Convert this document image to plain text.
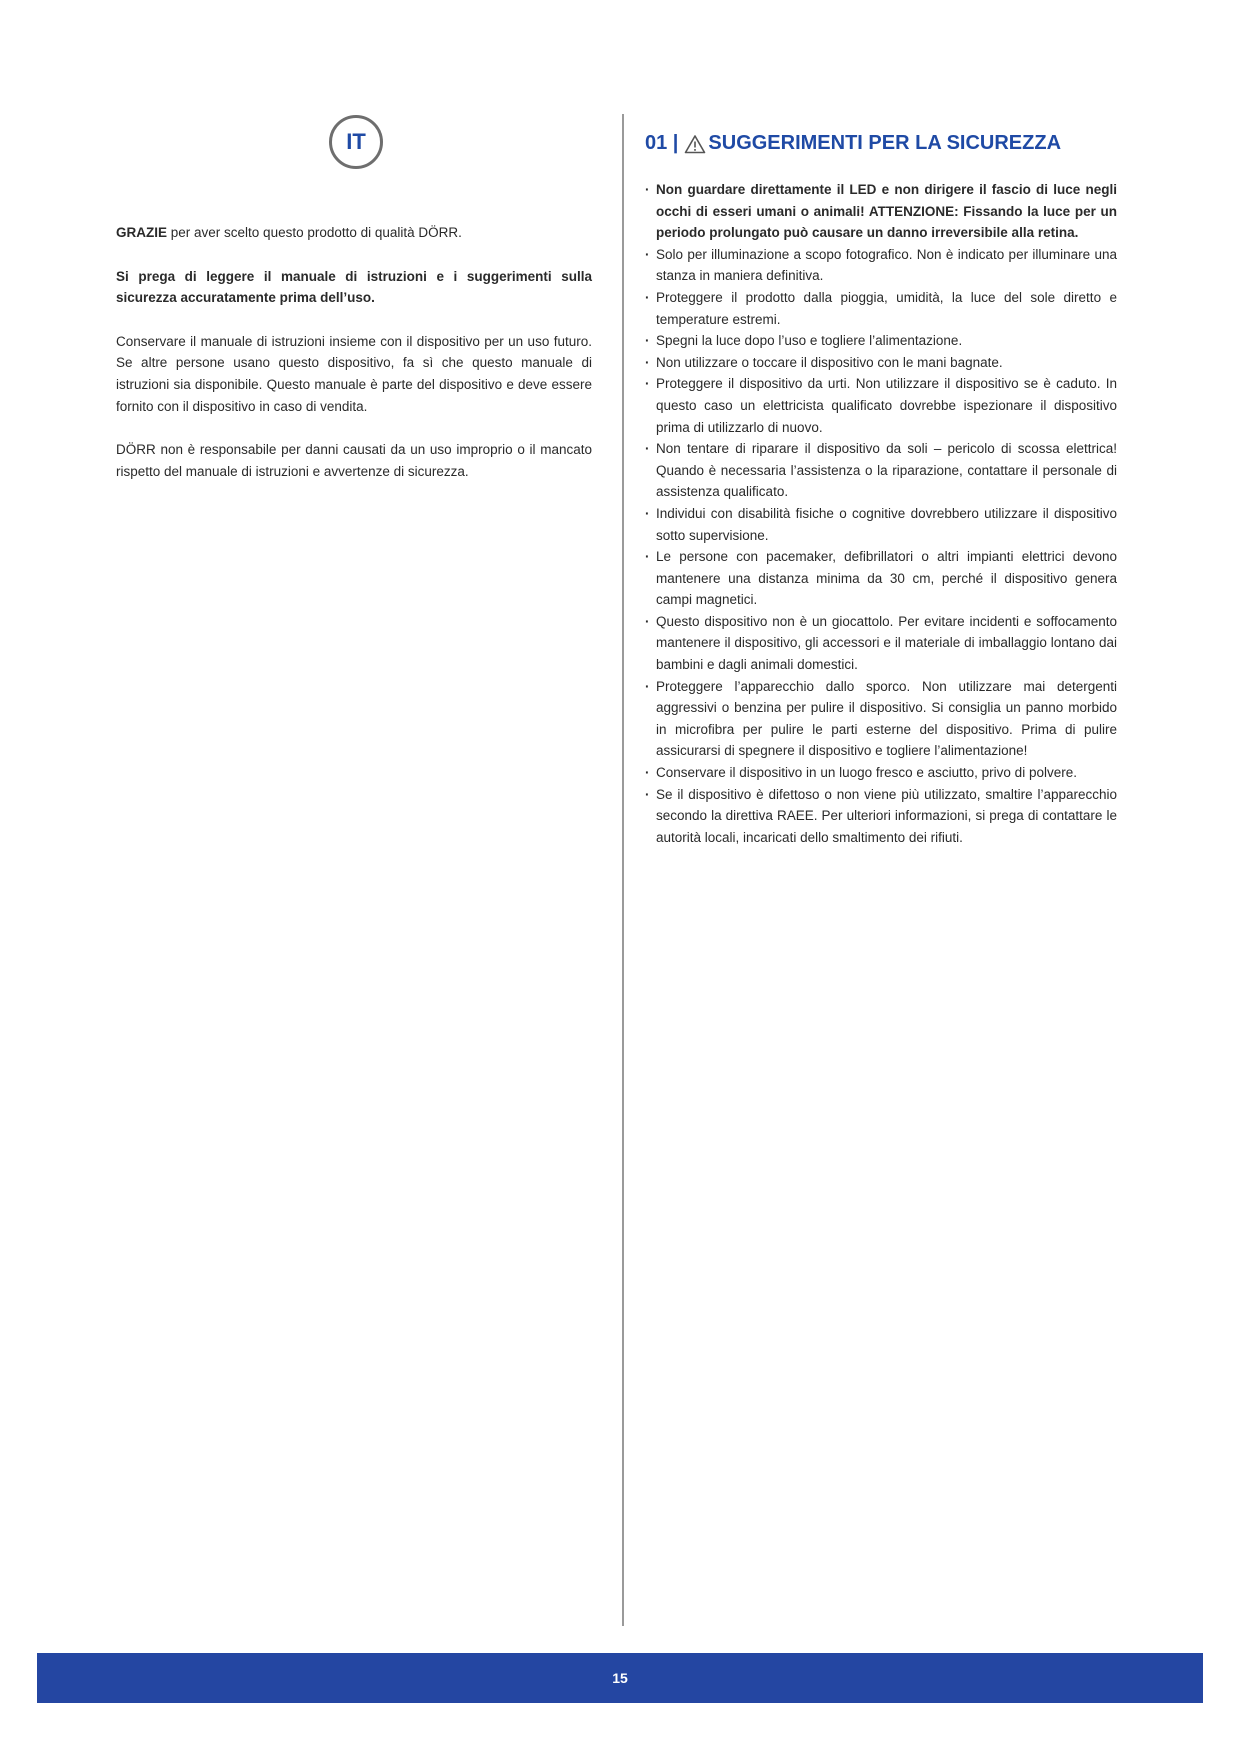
IT

GRAZIE per aver scelto questo prodotto di qualità DÖRR.

Si prega di leggere il manuale di istruzioni e i suggerimenti sulla sicurezza accuratamente prima dell’uso.

Conservare il manuale di istruzioni insieme con il dispositivo per un uso futuro. Se altre persone usano questo dispositivo, fa sì che questo manuale di istruzioni sia disponibile. Questo manuale è parte del dispositivo e deve essere fornito con il dispositivo in caso di vendita.

DÖRR non è responsabile per danni causati da un uso improprio o il mancato rispetto del manuale di istruzioni e avvertenze di sicurezza.

01 | SUGGERIMENTI PER LA SICUREZZA
· Non guardare direttamente il LED e non dirigere il fascio di luce negli occhi di esseri umani o animali! ATTENZIONE: Fissando la luce per un periodo prolungato può causare un danno irreversibile alla retina.
· Solo per illuminazione a scopo fotografico. Non è indicato per illuminare una stanza in maniera definitiva.
· Proteggere il prodotto dalla pioggia, umidità, la luce del sole diretto e temperature estremi.
· Spegni la luce dopo l’uso e togliere l’alimentazione.
· Non utilizzare o toccare il dispositivo con le mani bagnate.
· Proteggere il dispositivo da urti. Non utilizzare il dispositivo se è caduto. In questo caso un elettricista qualificato dovrebbe ispezionare il dispositivo prima di utilizzarlo di nuovo.
· Non tentare di riparare il dispositivo da soli – pericolo di scossa elettrica! Quando è necessaria l’assistenza o la riparazione, contattare il personale di assistenza qualificato.
· Individui con disabilità fisiche o cognitive dovrebbero utilizzare il dispositivo sotto supervisione.
· Le persone con pacemaker, defibrillatori o altri impianti elettrici devono mantenere una distanza minima da 30 cm, perché il dispositivo genera campi magnetici.
· Questo dispositivo non è un giocattolo. Per evitare incidenti e soffocamento mantenere il dispositivo, gli accessori e il materiale di imballaggio lontano dai bambini e dagli animali domestici.
· Proteggere l’apparecchio dallo sporco. Non utilizzare mai detergenti aggressivi o benzina per pulire il dispositivo. Si consiglia un panno morbido in microfibra per pulire le parti esterne del dispositivo. Prima di pulire assicurarsi di spegnere il dispositivo e togliere l’alimentazione!
· Conservare il dispositivo in un luogo fresco e asciutto, privo di polvere.
· Se il dispositivo è difettoso o non viene più utilizzato, smaltire l’apparecchio secondo la direttiva RAEE. Per ulteriori informazioni, si prega di contattare le autorità locali, incaricati dello smaltimento dei rifiuti.
15
